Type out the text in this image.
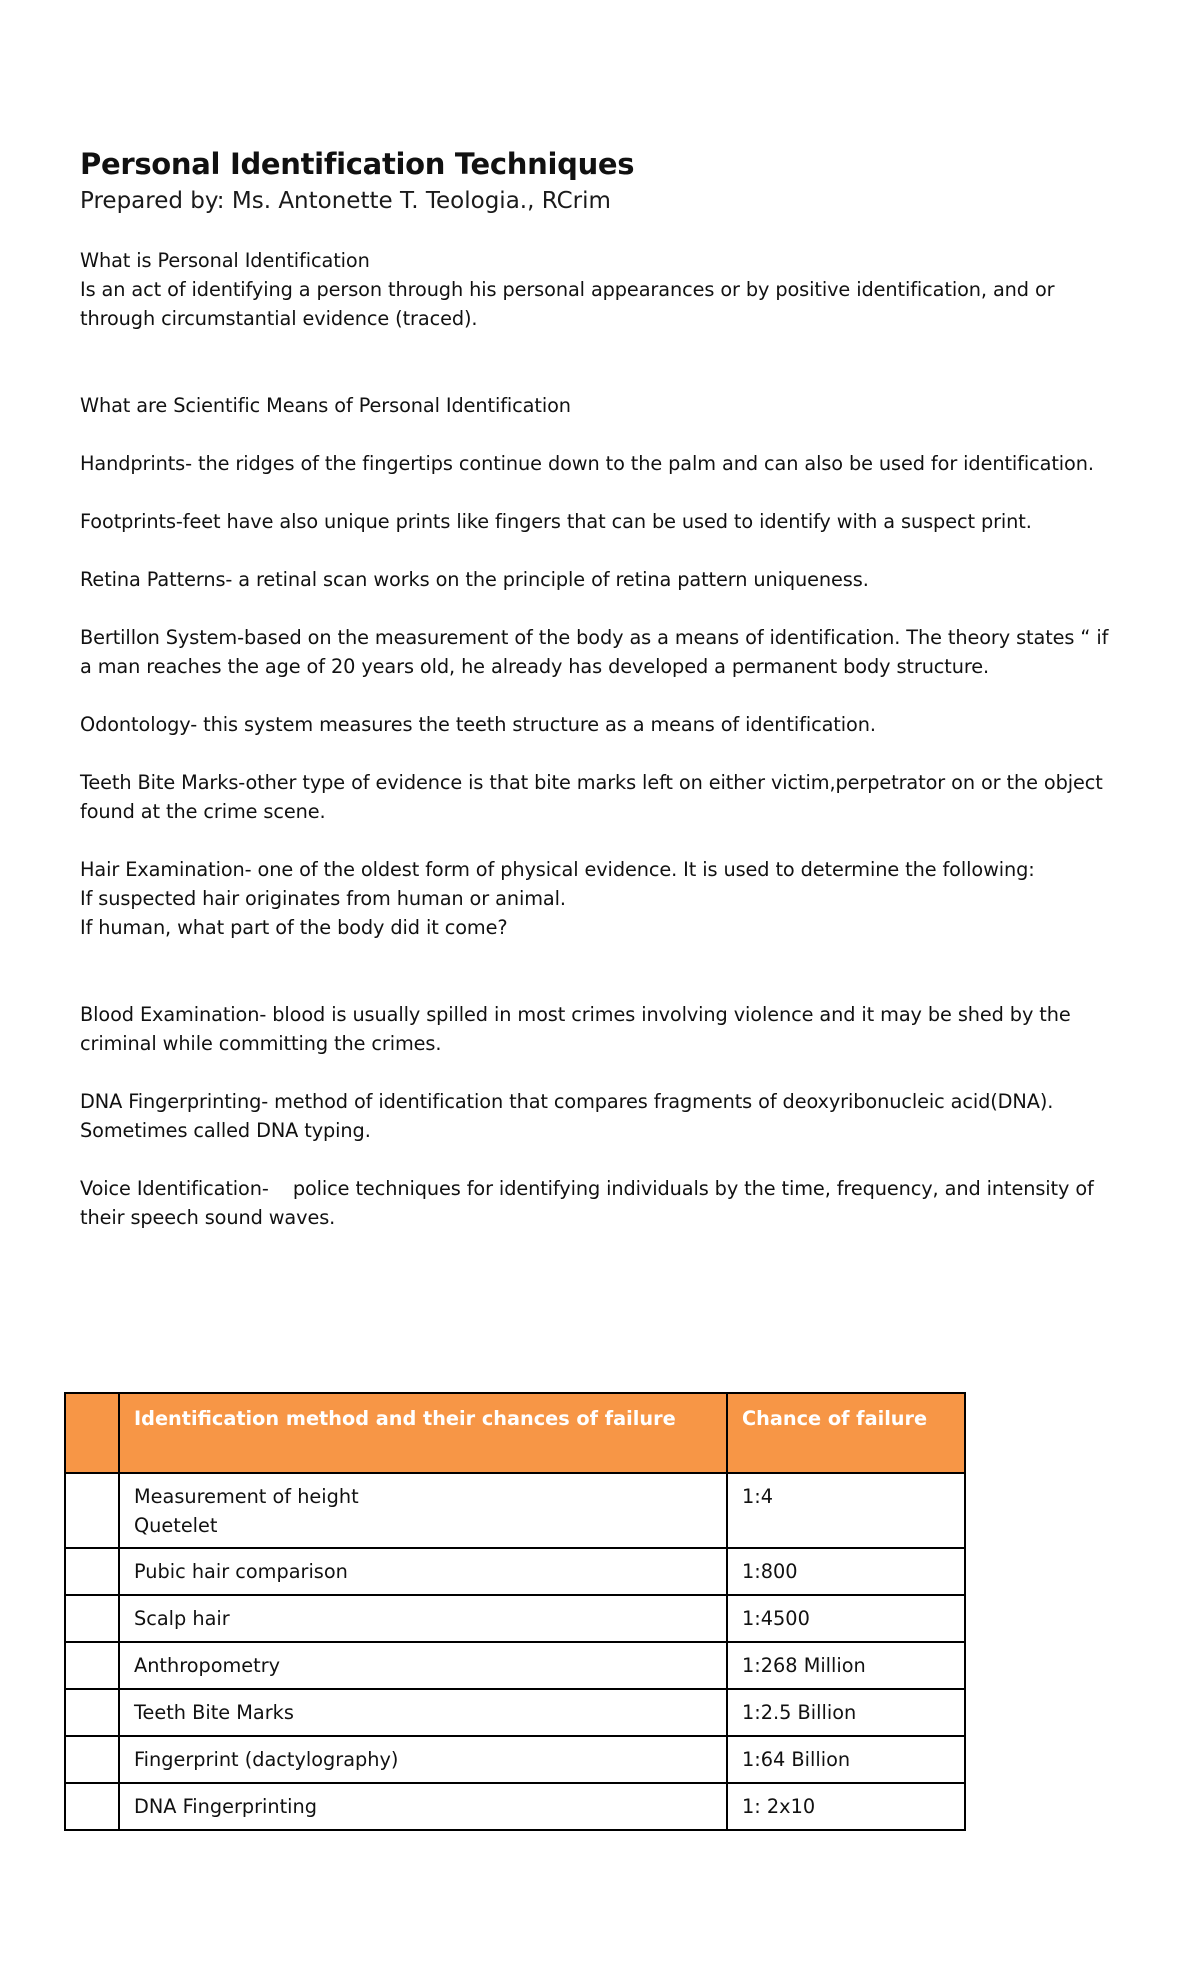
Personal Identification Techniques
Prepared by: Ms. Antonette T. Teologia., RCrim

What is Personal Identification

Is an act of identifying a person through his personal appearances or by positive identification, and or through circumstantial evidence (traced).

What are Scientific Means of Personal Identification

Handprints- the ridges of the fingertips continue down to the palm and can also be used for identification.

Footprints-feet have also unique prints like fingers that can be used to identify with a suspect print.

Retina Patterns- a retinal scan works on the principle of retina pattern uniqueness.

Bertillon System-based on the measurement of the body as a means of identification. The theory states “ if a man reaches the age of 20 years old, he already has developed a permanent body structure.

Odontology- this system measures the teeth structure as a means of identification.

Teeth Bite Marks-other type of evidence is that bite marks left on either victim,perpetrator on or the object found at the crime scene.

Hair Examination- one of the oldest form of physical evidence. It is used to determine the following:

If suspected hair originates from human or animal.

If human, what part of the body did it come?

Blood Examination- blood is usually spilled in most crimes involving violence and it may be shed by the criminal while committing the crimes.

DNA Fingerprinting- method of identification that compares fragments of deoxyribonucleic acid(DNA). Sometimes called DNA typing.

Voice Identification-    police techniques for identifying individuals by the time, frequency, and intensity of their speech sound waves.

	Identification method and their chances of failure	Chance of failure

	Measurement of height
Quetelet	1:4

	Pubic hair comparison	1:800

	Scalp hair	1:4500

	Anthropometry	1:268 Million

	Teeth Bite Marks	1:2.5 Billion

	Fingerprint (dactylography)	1:64 Billion

	DNA Fingerprinting	1: 2x10
